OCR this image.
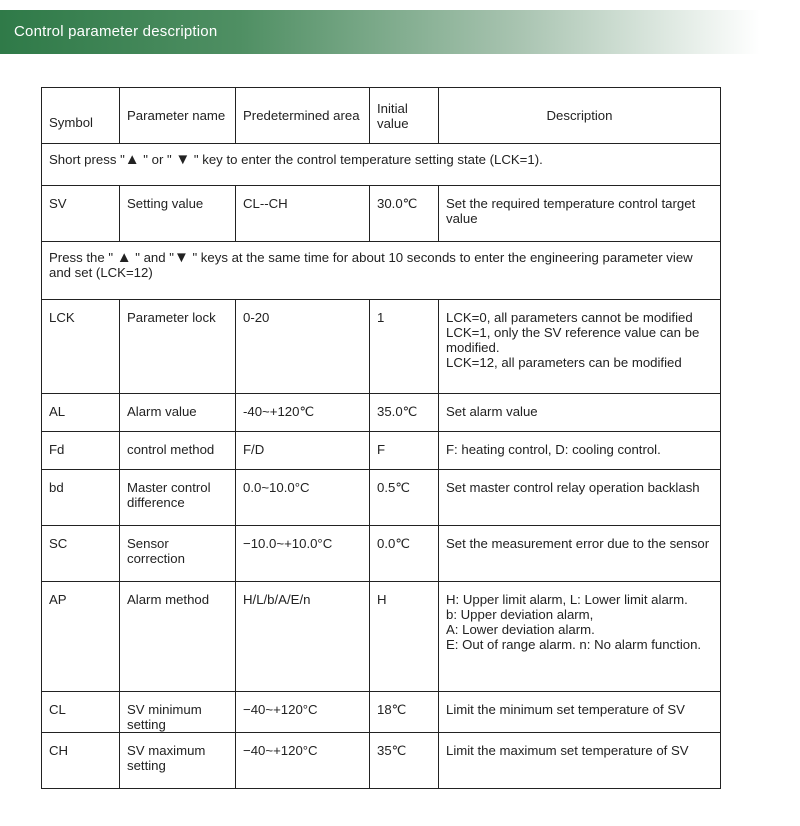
Control parameter description
Symbol	Parameter name	Predetermined area	Initial value	Description
Short press "▲ " or " ▼ " key to enter the control temperature setting state (LCK=1).				
SV	Setting value	CL--CH	30.0℃	Set the required temperature control target value

Press the " ▲ " and "▼ " keys at the same time for about 10 seconds to enter the engineering parameter view and set (LCK=12)				
LCK	Parameter lock	0-20	1	LCK=0, all parameters cannot be modified
LCK=1, only the SV reference value can be modified.
LCK=12, all parameters can be modified

AL	Alarm value	-40~+120℃	35.0℃	Set alarm value

Fd	control method	F/D	F	F: heating control, D: cooling control.

bd	Master control difference	0.0~10.0°C	0.5℃	Set master control relay operation backlash

SC	Sensor correction	−10.0~+10.0°C	0.0℃	Set the measurement error due to the sensor

AP	Alarm method	H/L/b/A/E/n	H	H: Upper limit alarm, L: Lower limit alarm.
b: Upper deviation alarm,
A: Lower deviation alarm.
E: Out of range alarm. n: No alarm function.

CL	SV minimum setting	−40~+120°C	18℃	Limit the minimum set temperature of SV

CH	SV maximum setting	−40~+120°C	35℃	Limit the maximum set temperature of SV
